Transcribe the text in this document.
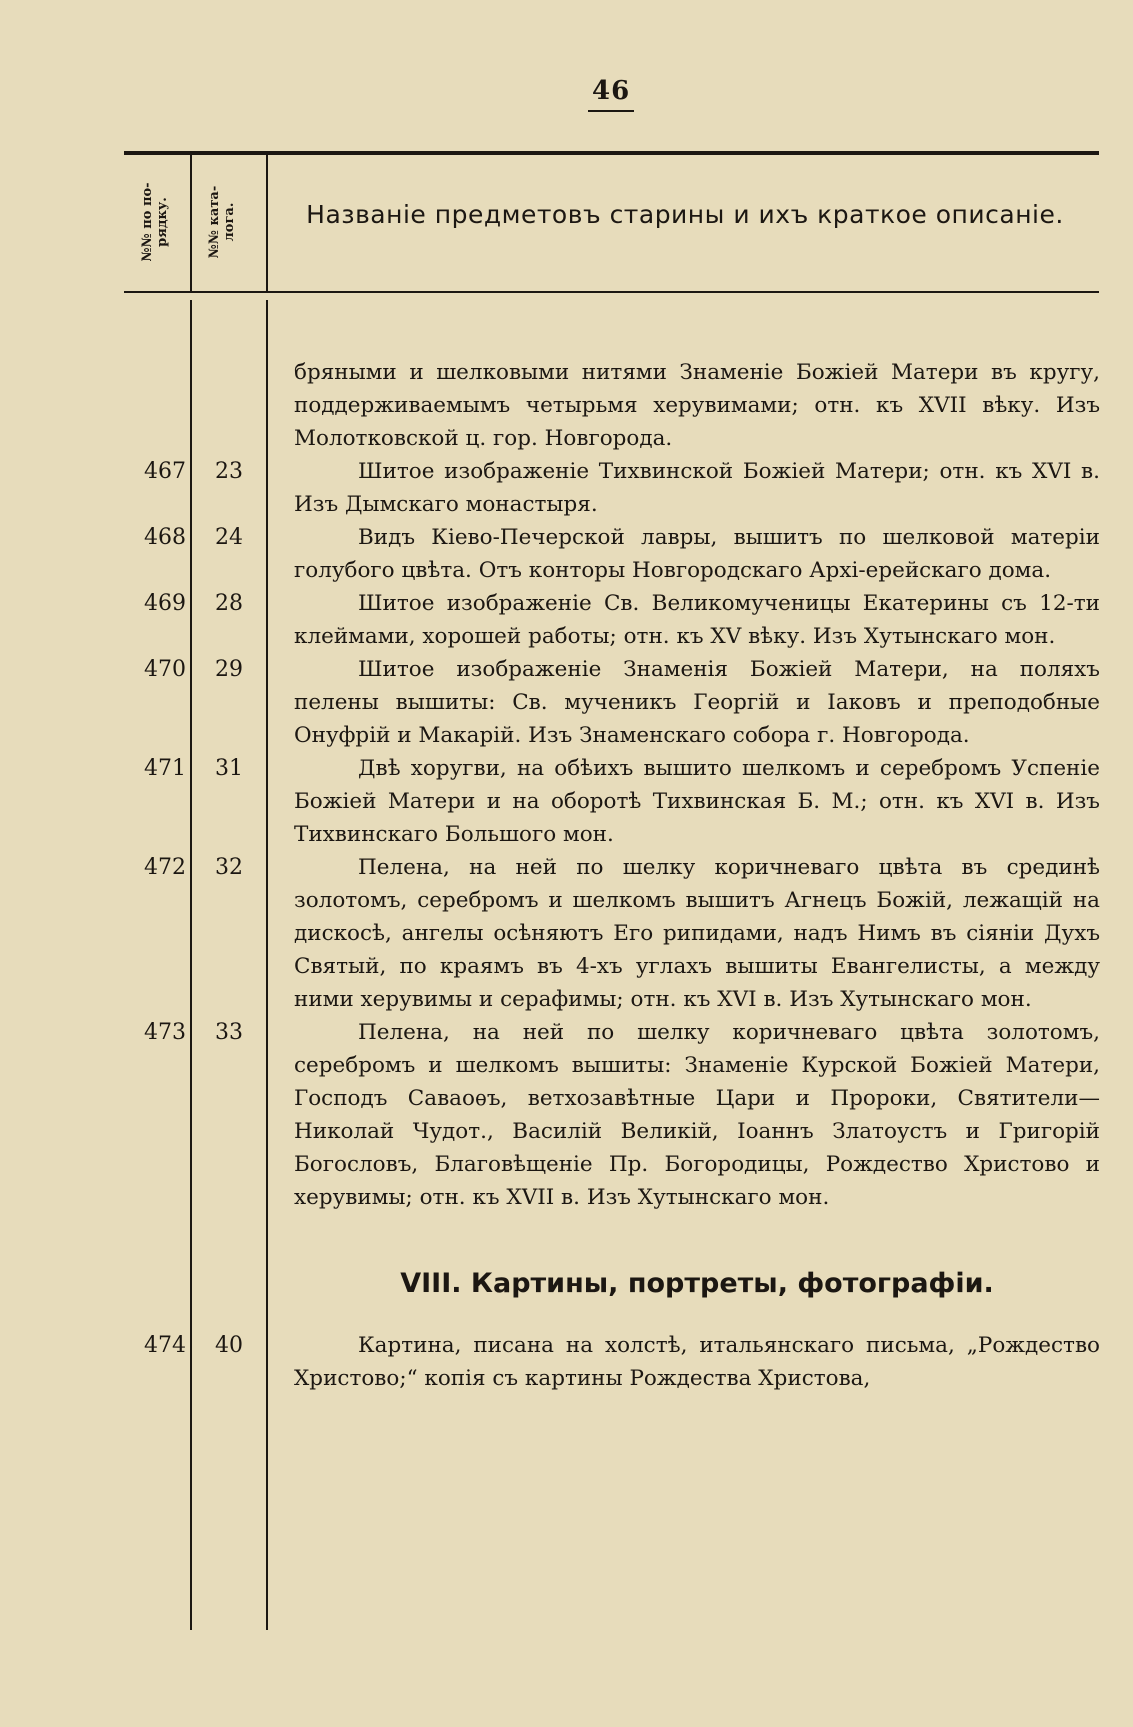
46
№№ по по- рядку.	№№ ката- лога.	Названіе предметовъ старины и ихъ краткое описаніе.
бряными и шелковыми нитями Знаменіе Божіей Матери въ кругу, поддерживаемымъ четырьмя херувимами; отн. къ XVII вѣку. Изъ Молотковской ц. гор. Новгорода.
467	23	Шитое изображеніе Тихвинской Божіей Матери; отн. къ XVI в. Изъ Дымскаго монастыря.
468	24	Видъ Кіево-Печерской лавры, вышитъ по шелковой матеріи голубого цвѣта. Отъ конторы Новгородскаго Архі-ерейскаго дома.
469	28	Шитое изображеніе Св. Великомученицы Екатерины съ 12-ти клеймами, хорошей работы; отн. къ XV вѣку. Изъ Хутынскаго мон.
470	29	Шитое изображеніе Знаменія Божіей Матери, на поляхъ пелены вышиты: Св. мученикъ Георгій и Іаковъ и преподобные Онуфрій и Макарій. Изъ Знаменскаго собора г. Новгорода.
471	31	Двѣ хоругви, на обѣихъ вышито шелкомъ и серебромъ Успеніе Божіей Матери и на оборотѣ Тихвинская Б. М.; отн. къ XVI в. Изъ Тихвинскаго Большого мон.
472	32	Пелена, на ней по шелку коричневаго цвѣта въ срединѣ золотомъ, серебромъ и шелкомъ вышитъ Агнецъ Божій, лежащій на дискосѣ, ангелы осѣняютъ Его рипидами, надъ Нимъ въ сіяніи Духъ Святый, по краямъ въ 4-хъ углахъ вышиты Евангелисты, а между ними херувимы и серафимы; отн. къ XVI в. Изъ Хутынскаго мон.
473	33	Пелена, на ней по шелку коричневаго цвѣта золотомъ, серебромъ и шелкомъ вышиты: Знаменіе Курской Божіей Матери, Господъ Саваоѳъ, ветхозавѣтные Цари и Пророки, Святители—Николай Чудот., Василій Великій, Іоаннъ Златоустъ и Григорій Богословъ, Благовѣщеніе Пр. Богородицы, Рождество Христово и херувимы; отн. къ XVII в. Изъ Хутынскаго мон.
VIII. Картины, портреты, фотографіи.
474	40	Картина, писана на холстѣ, итальянскаго письма, „Рождество Христово;“ копія съ картины Рождества Христова,
